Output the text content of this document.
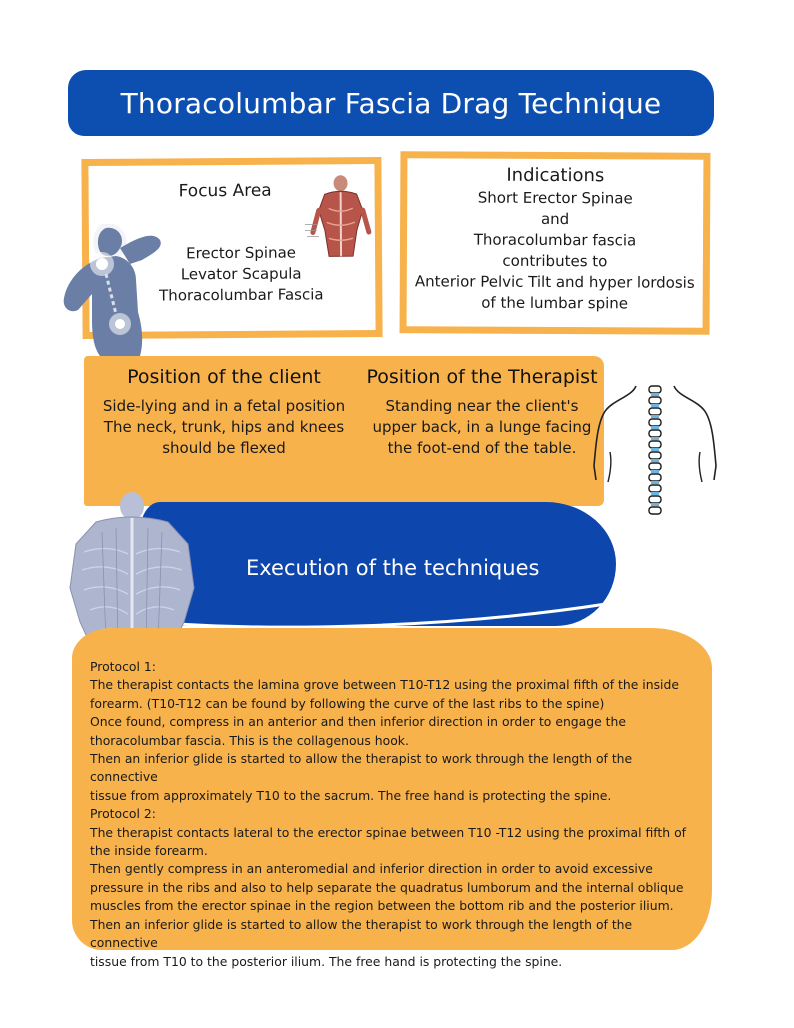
Thoracolumbar Fascia Drag Technique
Focus Area
Erector Spinae
Levator Scapula
Thoracolumbar Fascia
Indications
Short Erector Spinae
and
Thoracolumbar fascia
contributes to
Anterior Pelvic Tilt and hyper lordosis
of the lumbar spine
Position of the client
Side-lying and in a fetal position
The neck, trunk, hips and knees
should be flexed
Position of the Therapist
Standing near the client's
upper back, in a lunge facing
the foot-end of the table.
Execution of the techniques

Protocol 1:

The therapist contacts the lamina grove between T10-T12 using the proximal fifth of the inside

forearm. (T10-T12 can be found by following the curve of the last ribs to the spine)

Once found, compress in an anterior and then inferior direction in order to engage the

thoracolumbar fascia. This is the collagenous hook.

Then an inferior glide is started to allow the therapist to work through the length of the connective

tissue from approximately T10 to the sacrum. The free hand is protecting the spine.

Protocol 2:

The therapist contacts lateral to the erector spinae between T10 -T12 using the proximal fifth of

the inside forearm.

Then gently compress in an anteromedial and inferior direction in order to avoid excessive

pressure in the ribs and also to help separate the quadratus lumborum and the internal oblique

muscles from the erector spinae in the region between the bottom rib and the posterior ilium.

Then an inferior glide is started to allow the therapist to work through the length of the connective

tissue from T10 to the posterior ilium. The free hand is protecting the spine.
